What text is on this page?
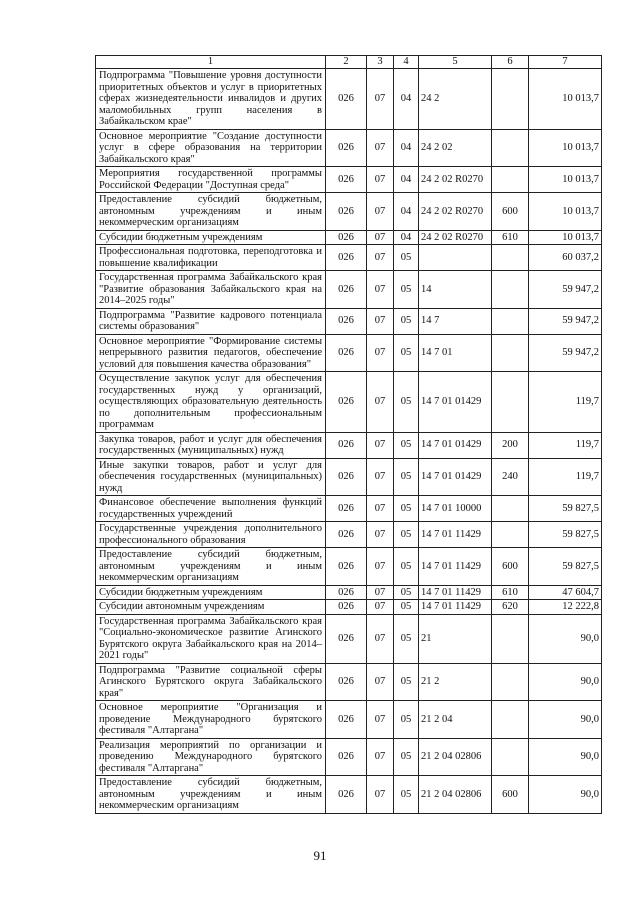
1	2	3	4	5	6	7
Подпрограмма "Повышение уровня доступности приоритетных объектов и услуг в приоритетных сферах жизнедеятельности инвалидов и других маломобильных групп населения в Забайкальском крае"	026	07	04	24 2		10 013,7
Основное мероприятие "Создание доступности услуг в сфере образования на территории Забайкальского края"	026	07	04	24 2 02		10 013,7
Мероприятия государственной программы Российской Федерации "Доступная среда"	026	07	04	24 2 02 R0270		10 013,7
Предоставление субсидий бюджетным, автономным учреждениям и иным некоммерческим организациям	026	07	04	24 2 02 R0270	600	10 013,7
Субсидии бюджетным учреждениям	026	07	04	24 2 02 R0270	610	10 013,7
Профессиональная подготовка, переподготовка и повышение квалификации	026	07	05			60 037,2
Государственная программа Забайкальского края "Развитие образования Забайкальского края на 2014–2025 годы"	026	07	05	14		59 947,2
Подпрограмма "Развитие кадрового потенциала системы образования"	026	07	05	14 7		59 947,2
Основное мероприятие "Формирование системы непрерывного развития педагогов, обеспечение условий для повышения качества образования"	026	07	05	14 7 01		59 947,2
Осуществление закупок услуг для обеспечения государственных нужд у организаций, осуществляющих образовательную деятельность по дополнительным профессиональным программам	026	07	05	14 7 01 01429		119,7
Закупка товаров, работ и услуг для обеспечения государственных (муниципальных) нужд	026	07	05	14 7 01 01429	200	119,7
Иные закупки товаров, работ и услуг для обеспечения государственных (муниципальных) нужд	026	07	05	14 7 01 01429	240	119,7
Финансовое обеспечение выполнения функций государственных учреждений	026	07	05	14 7 01 10000		59 827,5
Государственные учреждения дополнительного профессионального образования	026	07	05	14 7 01 11429		59 827,5
Предоставление субсидий бюджетным, автономным учреждениям и иным некоммерческим организациям	026	07	05	14 7 01 11429	600	59 827,5
Субсидии бюджетным учреждениям	026	07	05	14 7 01 11429	610	47 604,7
Субсидии автономным учреждениям	026	07	05	14 7 01 11429	620	12 222,8
Государственная программа Забайкальского края "Социально-экономическое развитие Агинского Бурятского округа Забайкальского края на 2014–2021 годы"	026	07	05	21		90,0
Подпрограмма "Развитие социальной сферы Агинского Бурятского округа Забайкальского края"	026	07	05	21 2		90,0
Основное мероприятие "Организация и проведение Международного бурятского фестиваля "Алтаргана"	026	07	05	21 2 04		90,0
Реализация мероприятий по организации и проведению Международного бурятского фестиваля "Алтаргана"	026	07	05	21 2 04 02806		90,0
Предоставление субсидий бюджетным, автономным учреждениям и иным некоммерческим организациям	026	07	05	21 2 04 02806	600	90,0
91
